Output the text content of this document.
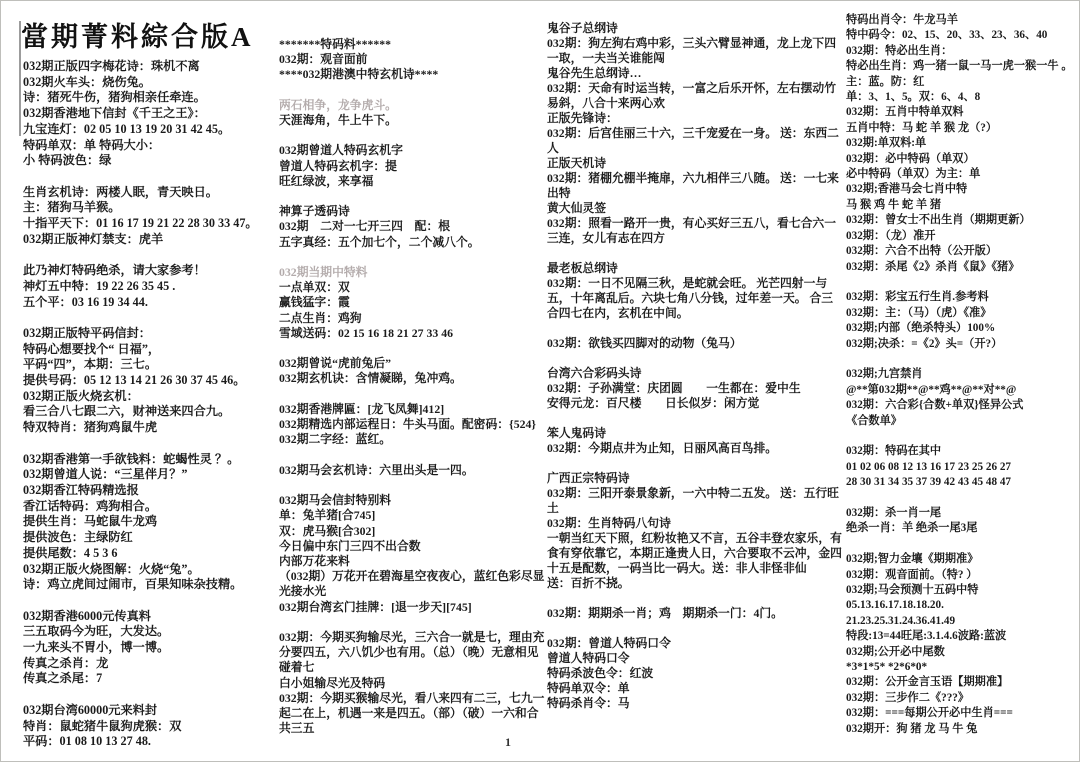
當期菁料綜合版A
032期正版四字梅花诗：珠机不离
032期火车头：烧伤兔。
诗：猪死牛伤，猪狗相亲任牵连。
032期香港地下信封《千王之王》：
九宝连灯：02 05 10 13 19 20 31 42 45。
特码单双：单 特码大小：
小 特码波色：绿

生肖玄机诗：两楼人眠，青天映日。
主：猪狗马羊猴。
十指平天下：01 16 17 19 21 22 28 30 33 47。
032期正版神灯禁支：虎羊

此乃神灯特码绝杀，请大家参考！
神灯五中特：19 22 26 35 45 .
五个平：03 16 19 34 44.

032期正版特平码信封：
特码心想要找个“ 日福”，
平码“四”，本期：三七。
提供号码：05 12 13 14 21 26 30 37 45 46。
032期正版火烧玄机：
看三合八七跟二六，财神送来四合九。
特双特肖：猪狗鸡鼠牛虎

032期香港第一手欲钱料：蛇蝎性灵 ？。
032期曾道人说：“三星伴月？”
032期香江特码精选报
香江话特码：鸡狗相合。
提供生肖：马蛇鼠牛龙鸡
提供波色：主绿防红
提供尾数：4 5 3 6
032期正版火烧图解：火烧“兔”。
诗：鸡立虎间过闹市，百果知味杂技精。

032期香港6000元传真料
三五取码今为旺，大发达。
一九来头不胃小，博一博。
传真之杀肖：龙
传真之杀尾：7

032期台湾60000元来料封
特肖：鼠蛇猪牛鼠狗虎猴：双
平码：01 08 10 13 27 48.
*******特码料******
032期：观音面前
****032期港澳中特玄机诗****

两石相争，龙争虎斗。
天涯海角，牛上牛下。

032期曾道人特码玄机字
曾道人特码玄机字：提
旺红绿波，来享福

神算子透码诗
032期　二对一七开三四　配：根
五字真经：五个加七个，二个减八个。

032期当期中特料
一点单双：双
赢钱猛字：霞
二点生肖：鸡狗
雪域送码：02 15 16 18 21 27 33 46

032期曾说“虎前兔后”
032期玄机诀：含情凝睇，兔冲鸡。

032期香港牌匾：[龙飞凤舞]412]
032期精选内部运程日：牛头马面。配密码：{524}
032期二字经：蓝红。

032期马会玄机诗：六里出头是一四。

032期马会信封特别料
单：兔羊猪[合745]
双：虎马猴[合302]
今日偏中东门三四不出合数
内部万花来料
（032期）万花开在碧海星空夜夜心，蓝红色彩尽显光接水光
032期台湾玄门挂牌：[退一步天][745]

032期：今期买狗输尽光，三六合一就是七，理由充分要四五，六八饥少也有用。（总）（晚）无意相见碰着七
白小姐输尽光及特码
032期：今期买猴输尽光，看八来四有二三，七九一起二在上，机遇一来是四五。（部）（破）一六和合共三五
鬼谷子总纲诗
032期：狗左狗右鸡中彩，三头六臂显神通，龙上龙下四一取，一夫当关谁能闯
鬼谷先生总纲诗…
032期：天命有时运当转，一富之后乐开怀，左右摆动竹易斜，八合十来两心欢
正版先锋诗：
032期：后宫佳丽三十六，三千宠爱在一身。 送：东西二人
正版天机诗
032期：猪棚允棚半掩扉，六九相伴三八随。 送：一七来出特
黄大仙灵签
032期：照看一路开一贵，有心买好三五八，看七合六一三连，女儿有志在四方

最老板总纲诗
032期：一日不见隔三秋，是蛇就会旺。 光芒四射一与五，十年离乱后。六块七角八分钱，过年差一天。 合三合四七在内，玄机在中间。

032期：欲钱买四脚对的动物（兔马）

台湾六合彩码头诗
032期：子孙满堂：庆团圆　　一生都在：爱中生
安得元龙：百尺楼　　日长似岁：闲方觉

笨人鬼码诗
032期：今期点井为止知，日丽风高百鸟排。

广西正宗特码诗
032期：三阳开泰景象新，一六中特二五发。 送：五行旺土
032期：生肖特码八句诗
一朝当红天下照，红粉妆艳又不言，五谷丰登农家乐，有食有穿依靠它，本期正逢贵人日，六合要取不云冲，金四十五是配数，一码当比一码大。送：非人非怪非仙
送：百折不挠。

032期：期期杀一肖；鸡　期期杀一门：4门。

032期：曾道人特码口令
曾道人特码口令
特码杀波色令：红波
特码单双令：单
特码杀肖令：马
特码出肖令：牛龙马羊
特中码令：02、15、20、33、23、36、40
032期：特必出生肖：
特必出生肖：鸡一猪一鼠一马一虎一猴一牛 。
主：蓝。防：红
单：3、1、5。双：6、4、8
032期：五肖中特单双料
五肖中特：马 蛇 羊 猴 龙（?）
032期:单双料:单
032期：必中特码（单双）
必中特码（单双）为主：单
032期;香港马会七肖中特
马 猴 鸡 牛 蛇 羊 猪
032期：曾女士不出生肖（期期更新）
032期：（龙）准开
032期：六合不出特（公开版）
032期：杀尾《2》杀肖《鼠》《猪》

032期：彩宝五行生肖.参考料
032期：主：（马）（虎）《准》
032期;内部（绝杀特头）100%
032期;决杀：=《2》头=（开?）

032期;九宫禁肖
@**第032期**@**鸡**@**对**@
032期：六合彩{合数+单双}怪异公式
《合数单》

032期：特码在其中
01 02 06 08 12 13 16 17 23 25 26 27
28 30 31 34 35 37 39 42 43 45 48 47

032期：杀一肖一尾
绝杀一肖：羊 绝杀一尾3尾

032期;智力金壤《期期准》
032期：观音面前。（特? ）
032期;马会预测十五码中特
05.13.16.17.18.18.20.
21.23.25.31.24.36.41.49
特段:13=44旺尾:3.1.4.6波路:蓝波
032期;公开必中尾数
*3*1*5* *2*6*0*
032期：公开金言玉语【期期准】
032期：三步作二《???》
032期：===每期公开必中生肖===
032期开：狗 猪 龙 马 牛 兔
1
